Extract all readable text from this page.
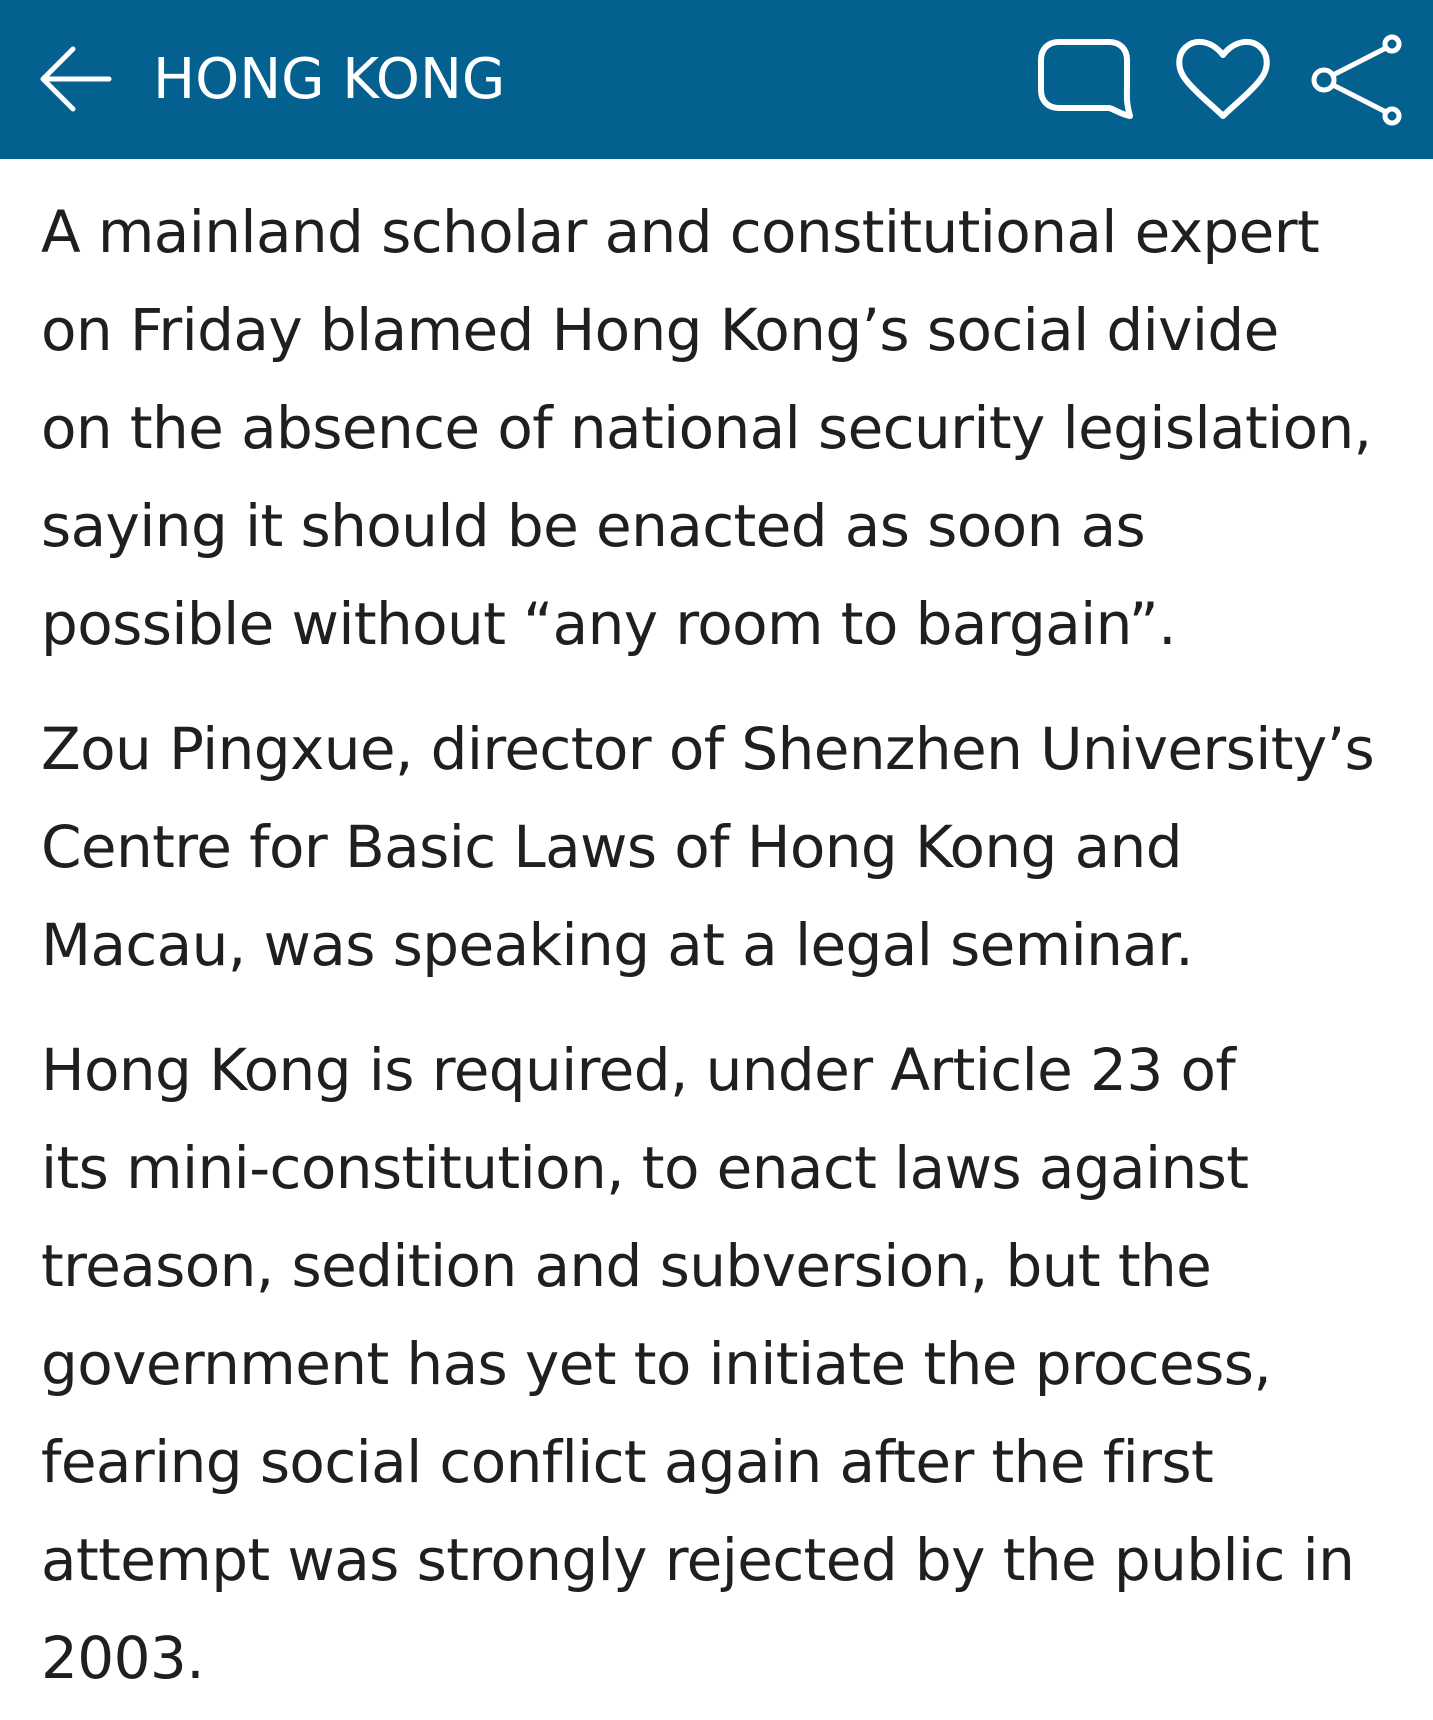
HONG KONG

A mainland scholar and constitutional expert
on Friday blamed Hong Kong’s social divide
on the absence of national security legislation,
saying it should be enacted as soon as
possible without “any room to bargain”.

Zou Pingxue, director of Shenzhen University’s
Centre for Basic Laws of Hong Kong and
Macau, was speaking at a legal seminar.

Hong Kong is required, under Article 23 of
its mini-constitution, to enact laws against
treason, sedition and subversion, but the
government has yet to initiate the process,
fearing social conflict again after the first
attempt was strongly rejected by the public in
2003.
